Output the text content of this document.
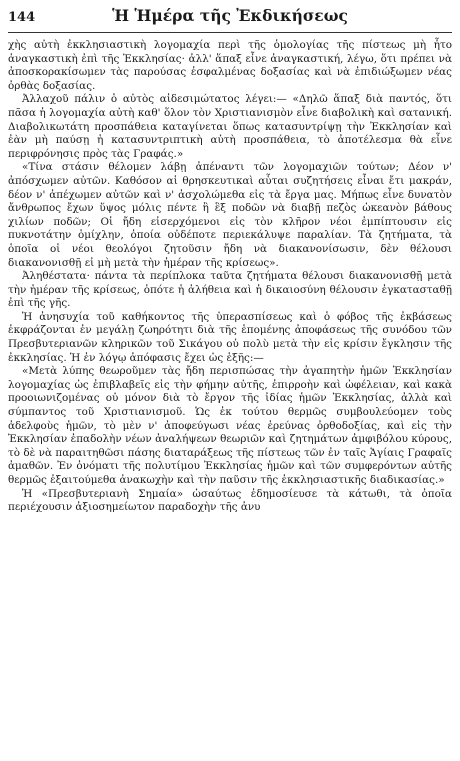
144	Ἡ Ἡμέρα τῆς Ἐκδικήσεως

χὴς αὐτὴ ἐκκλησιαστικὴ λογομαχία περὶ τῆς ὁμολογίας τῆς πίστεως μὴ ἦτο ἀναγκαστικὴ ἐπὶ τῆς Ἐκκλησίας· ἀλλ' ἅπαξ εἶνε ἀναγκαστική, λέγω, ὅτι πρέπει νὰ ἀποσκορακίσωμεν τὰς παρούσας ἐσφαλμένας δοξασίας καὶ νὰ ἐπιδιώξωμεν νέας ὀρθὰς δοξασίας.

Ἀλλαχοῦ πάλιν ὁ αὐτὸς αἰδεσιμώτατος λέγει:— «Δηλῶ ἅπαξ διὰ παντός, ὅτι πᾶσα ἡ λογομαχία αὐτὴ καθ' ὅλον τὸν Χριστιανισμὸν εἶνε διαβολικὴ καὶ σατανική. Διαβολικωτάτη προσπάθεια καταγίνεται ὅπως κατασυντρίψῃ τὴν Ἐκκλησίαν καὶ ἐὰν μὴ παύσῃ ἡ κατασυντριπτικὴ αὐτὴ προσπάθεια, τὸ ἀποτέλεσμα θὰ εἶνε περιφρόνησις πρὸς τὰς Γραφάς.»

«Τίνα στάσιν θέλομεν λάβῃ ἀπέναντι τῶν λογομαχιῶν τούτων; Δέον ν' ἀπόσχωμεν αὐτῶν. Καθόσον αἱ θρησκευτικαὶ αὗται συζητήσεις εἶναι ἔτι μακράν, δέον ν' ἀπέχωμεν αὐτῶν καὶ ν' ἀσχολώμεθα εἰς τὰ ἔργα μας. Μήπως εἶνε δυνατὸν ἄνθρωπος ἔχων ὕψος μόλις πέντε ἢ ἓξ ποδῶν νὰ διαβῇ πεζὸς ὠκεανὸν βάθους χιλίων ποδῶν; Οἱ ἤδη εἰσερχόμενοι εἰς τὸν κλῆρον νέοι ἐμπίπτουσιν εἰς πυκνοτάτην ὁμίχλην, ὁποία οὐδέποτε περιεκάλυψε παραλίαν. Τὰ ζητήματα, τὰ ὁποῖα οἱ νέοι θεολόγοι ζητοῦσιν ἤδη νὰ διακανονίσωσιν, δὲν θέλουσι διακανονισθῇ εἰ μὴ μετὰ τὴν ἡμέραν τῆς κρίσεως».

Ἀληθέστατα· πάντα τὰ περίπλοκα ταῦτα ζητήματα θέλουσι διακανονισθῇ μετὰ τὴν ἡμέραν τῆς κρίσεως, ὁπότε ἡ ἀλήθεια καὶ ἡ δικαιοσύνη θέλουσιν ἐγκατασταθῇ ἐπὶ τῆς γῆς.

Ἡ ἀνησυχία τοῦ καθήκοντος τῆς ὑπερασπίσεως καὶ ὁ φόβος τῆς ἐκβάσεως ἐκφράζονται ἐν μεγάλῃ ζωηρότητι διὰ τῆς ἑπομένης ἀποφάσεως τῆς συνόδου τῶν Πρεσβυτεριανῶν κληρικῶν τοῦ Σικάγου οὐ πολὺ μετὰ τὴν εἰς κρίσιν ἔγκλησιν τῆς ἐκκλησίας. Ἡ ἐν λόγῳ ἀπόφασις ἔχει ὡς ἑξῆς:—

«Μετὰ λύπης θεωροῦμεν τὰς ἤδη περισπώσας τὴν ἀγαπητὴν ἡμῶν Ἐκκλησίαν λογομαχίας ὡς ἐπιβλαβεῖς εἰς τὴν φήμην αὐτῆς, ἐπιρροὴν καὶ ὠφέλειαν, καὶ κακὰ προοιωνιζομένας οὐ μόνον διὰ τὸ ἔργον τῆς ἰδίας ἡμῶν Ἐκκλησίας, ἀλλὰ καὶ σύμπαντος τοῦ Χριστιανισμοῦ. Ὡς ἐκ τούτου θερμῶς συμβουλεύομεν τοὺς ἀδελφοὺς ἡμῶν, τὸ μὲν ν' ἀποφεύγωσι νέας ἐρεύνας ὀρθοδοξίας, καὶ εἰς τὴν Ἐκκλησίαν ἐπαδολὴν νέων ἀναλήψεων θεωριῶν καὶ ζητημάτων ἀμφιβόλου κύρους, τὸ δὲ νὰ παραιτηθῶσι πάσης διαταράξεως τῆς πίστεως τῶν ἐν ταῖς Ἁγίαις Γραφαῖς ἀμαθῶν. Ἐν ὀνόματι τῆς πολυτίμου Ἐκκλησίας ἡμῶν καὶ τῶν συμφερόντων αὐτῆς θερμῶς ἐξαιτούμεθα ἀνακωχὴν καὶ τὴν παῦσιν τῆς ἐκκλησιαστικῆς διαδικασίας.»

Ἡ «Πρεσβυτεριανὴ Σημαία» ὡσαύτως ἐδημοσίευσε τὰ κάτωθι, τὰ ὁποῖα περιέχουσιν ἀξιοσημείωτον παραδοχὴν τῆς ἀνυ
